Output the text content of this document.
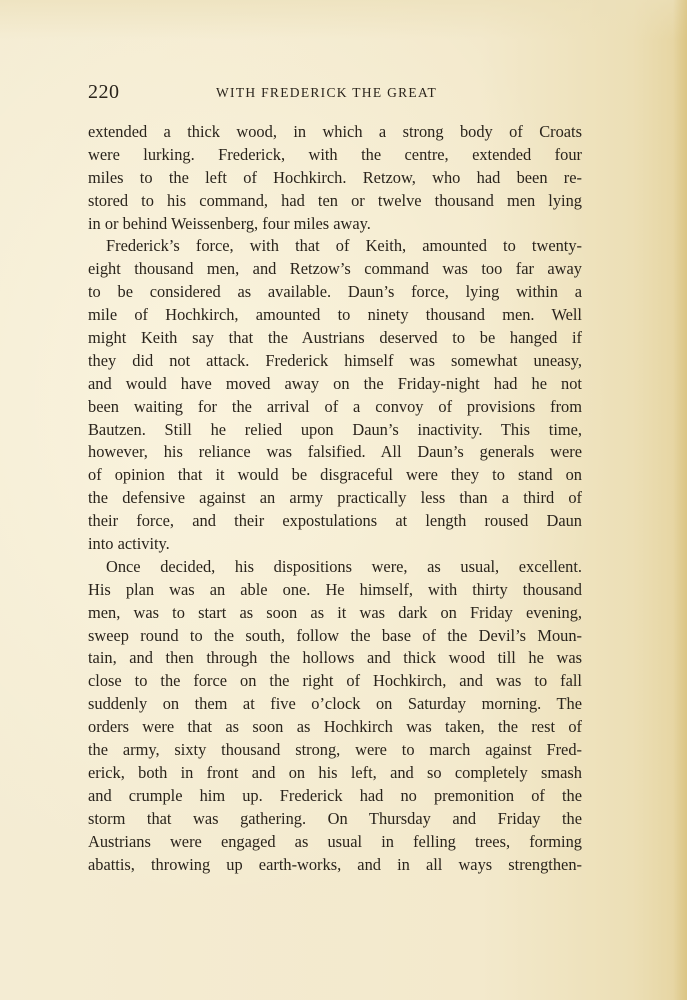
220	WITH FREDERICK THE GREAT
extended a thick wood, in which a strong body of Croats
were lurking. Frederick, with the centre, extended four
miles to the left of Hochkirch. Retzow, who had been re-
stored to his command, had ten or twelve thousand men lying
in or behind Weissenberg, four miles away.
Frederick’s force, with that of Keith, amounted to twenty-
eight thousand men, and Retzow’s command was too far away
to be considered as available. Daun’s force, lying within a
mile of Hochkirch, amounted to ninety thousand men. Well
might Keith say that the Austrians deserved to be hanged if
they did not attack. Frederick himself was somewhat uneasy,
and would have moved away on the Friday-night had he not
been waiting for the arrival of a convoy of provisions from
Bautzen. Still he relied upon Daun’s inactivity. This time,
however, his reliance was falsified. All Daun’s generals were
of opinion that it would be disgraceful were they to stand on
the defensive against an army practically less than a third of
their force, and their expostulations at length roused Daun
into activity.
Once decided, his dispositions were, as usual, excellent.
His plan was an able one. He himself, with thirty thousand
men, was to start as soon as it was dark on Friday evening,
sweep round to the south, follow the base of the Devil’s Moun-
tain, and then through the hollows and thick wood till he was
close to the force on the right of Hochkirch, and was to fall
suddenly on them at five o’clock on Saturday morning. The
orders were that as soon as Hochkirch was taken, the rest of
the army, sixty thousand strong, were to march against Fred-
erick, both in front and on his left, and so completely smash
and crumple him up. Frederick had no premonition of the
storm that was gathering. On Thursday and Friday the
Austrians were engaged as usual in felling trees, forming
abattis, throwing up earth-works, and in all ways strengthen-
